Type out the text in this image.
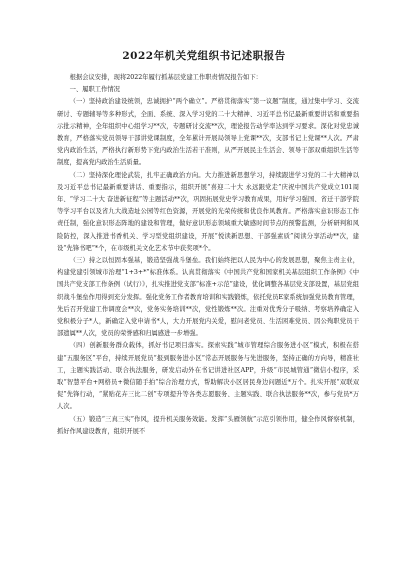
2022年机关党组织书记述职报告

根据会议安排，现将2022年履行抓基层党建工作职责情况报告如下：

一、履职工作情况

（一）坚持政治建设统领，忠诚拥护“两个确立”。严格贯彻落实“第一议题”制度，通过集中学习、交流研讨、专题辅导等多种形式，全面、系统、深入学习党的二十大精神、习近平总书记最新重要讲话和重要指示批示精神，全年组织中心组学习**次，专题研讨交流**次，理论报告动学率达到学习要求。深化对党忠诚教育，严格落实党员领导干部讲党课制度，全年累计开展局领导上党课**次，支部书记上党课**人次。严肃党内政治生活，严格执行新形势下党内政治生活若干准则，从严开展民主生活会、领导干部双重组织生活等制度，提高党内政治生活质量。

（二）坚持深化理论武装，扎牢正确政治方向。大力推进新思想学习，持续跟进学习党的二十大精神以及习近平总书记最新重要讲话、重要指示，组织开展“喜迎二十大 永远跟党走”庆祝中国共产党成立101周年、“学习二十大 奋进新征程”等主题活动**次，巩固拓展党史学习教育成果，用好学习强国、省迁干部学院等学习平台以及省九大战造址公园等红色资源，开展党的光荣传统和优良作风教育。严格落实意识形态工作责任制，强化意识形态阵地的建设和管理，做好意识形态领域重大敏感时间节点的预警监测，分析研判和风险防控，深入推进书香机关、学习型党组织建设，开展“悦读新思想、干部强素质”阅读分享活动**次，建设“先锋书吧”*个，在市级机关文化艺术节中获奖项*个。

（三）持之以恒固本强基，锻造坚强战斗堡垒。我们始终把以人民为中心的发展思想，聚焦主责主业，构建党建引领城市治理“1+3+*”标准体系。认真贯彻落实《中国共产党和国家机关基层组织工作条例》《中国共产党支部工作条例（试行）》，扎实推进党支部“标准+示范”建设，优化调整各基层党支部设置，基层党组织战斗堡垒作用得到充分发挥。强化党务工作者教育培训和实践锻炼，依托党员E家系统加强党员教育管理，先后召开党建工作调度会**次，党务实务培训**次，党性锻炼**次。注重对优秀分子吸纳、考察培养确定入党积极分子*人，新确定入党申请书*人，大力开展党内关爱，慰问老党员、生活困难党员、因公殉职党员干部遗属**人次，党员的荣誉感和归属感进一步增强。

（四）创新服务群众载体，抓好书记项目落实。探索实践“城市管理综合服务进小区”模式，积极在搭建“五服务区”平台，持续开展党员“报到服务进小区”常态开展服务与先进服务，坚持正确的方向导，精准社工，主题实践活动、联合执法服务，研发启动外在书记讲进社区APP，升级“市民城管通”微信小程序，采取“智慧平台+网格员+微信随手拍”综合治理方式，帮助解决小区居民身边问题近*万个。扎实开展“双联双促”先锋行动，“紧贴花卉三比二创”专项提升等各类志愿服务、主题实践、联合执法服务**次，参与党员*万人次。

（五）锻造“三真三实”作风，提升机关服务效能。发挥“头雁领航”示范引领作用，健全作风督察机制，抓好作风建设教育，组织开展不
